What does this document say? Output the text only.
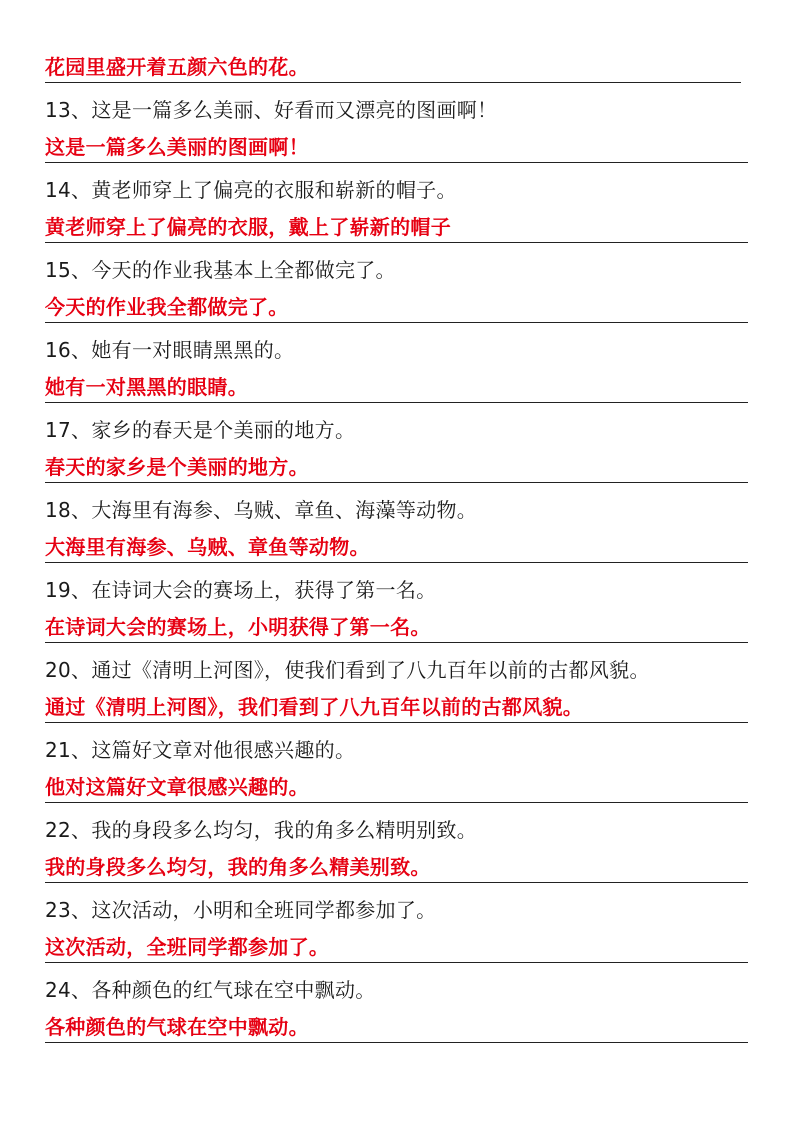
花园里盛开着五颜六色的花。
13、这是一篇多么美丽、好看而又漂亮的图画啊！
这是一篇多么美丽的图画啊！
14、黄老师穿上了偏亮的衣服和崭新的帽子。
黄老师穿上了偏亮的衣服，戴上了崭新的帽子
15、今天的作业我基本上全都做完了。
今天的作业我全都做完了。
16、她有一对眼睛黑黑的。
她有一对黑黑的眼睛。
17、家乡的春天是个美丽的地方。
春天的家乡是个美丽的地方。
18、大海里有海参、乌贼、章鱼、海藻等动物。
大海里有海参、乌贼、章鱼等动物。
19、在诗词大会的赛场上，获得了第一名。
在诗词大会的赛场上，小明获得了第一名。
20、通过《清明上河图》，使我们看到了八九百年以前的古都风貌。
通过《清明上河图》，我们看到了八九百年以前的古都风貌。
21、这篇好文章对他很感兴趣的。
他对这篇好文章很感兴趣的。
22、我的身段多么均匀，我的角多么精明别致。
我的身段多么均匀，我的角多么精美别致。
23、这次活动，小明和全班同学都参加了。
这次活动，全班同学都参加了。
24、各种颜色的红气球在空中飘动。
各种颜色的气球在空中飘动。
